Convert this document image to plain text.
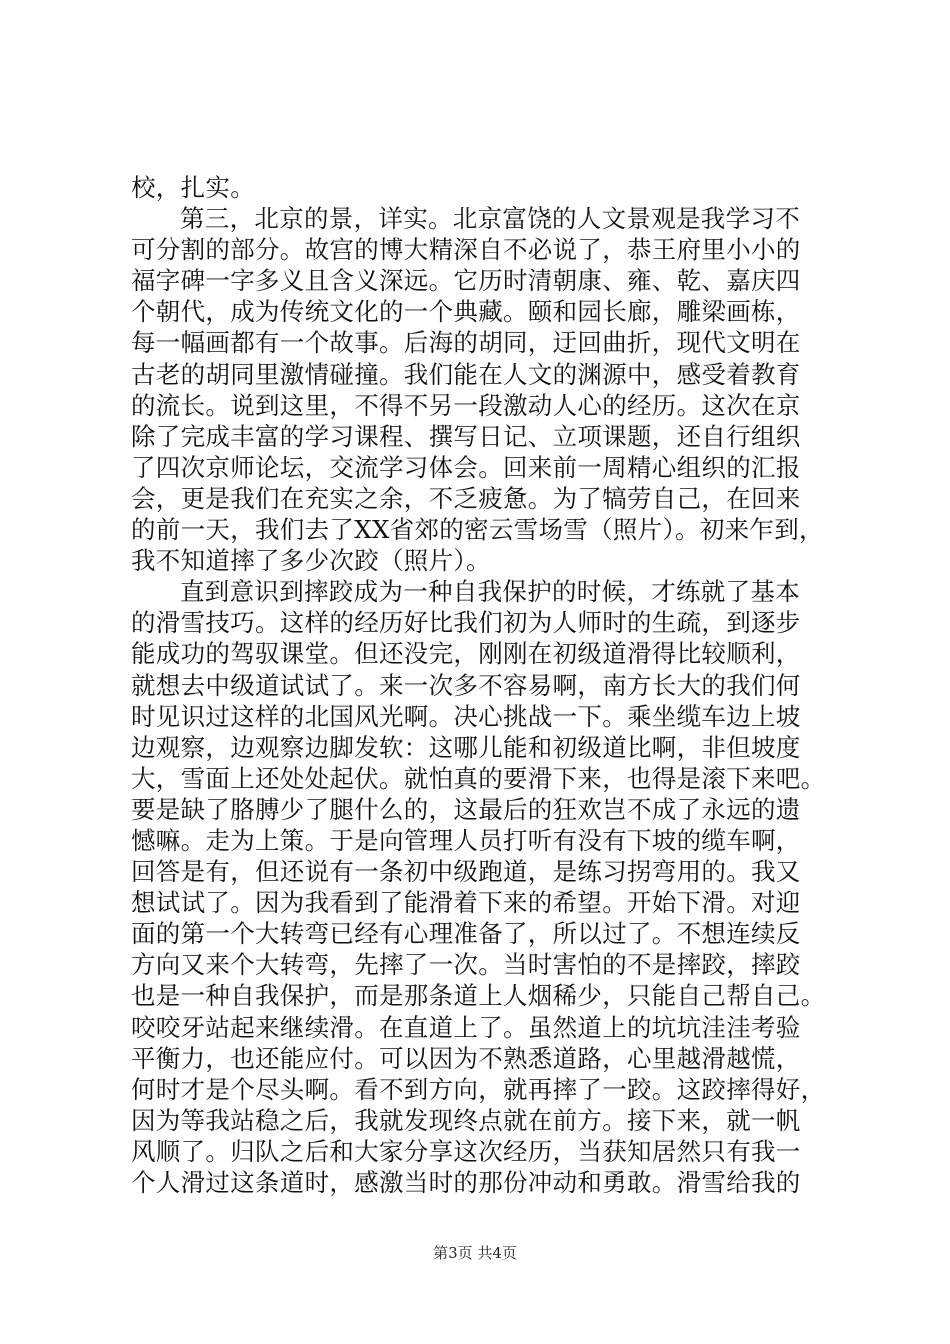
校，扎实。
第三，北京的景，详实。北京富饶的人文景观是我学习不
可分割的部分。故宫的博大精深自不必说了，恭王府里小小的
福字碑一字多义且含义深远。它历时清朝康、雍、乾、嘉庆四
个朝代，成为传统文化的一个典藏。颐和园长廊，雕梁画栋，
每一幅画都有一个故事。后海的胡同，迂回曲折，现代文明在
古老的胡同里激情碰撞。我们能在人文的渊源中，感受着教育
的流长。说到这里，不得不另一段激动人心的经历。这次在京
除了完成丰富的学习课程、撰写日记、立项课题，还自行组织
了四次京师论坛，交流学习体会。回来前一周精心组织的汇报
会，更是我们在充实之余，不乏疲惫。为了犒劳自己，在回来
的前一天，我们去了XX省郊的密云雪场雪（照片）。初来乍到，
我不知道摔了多少次跤（照片）。
直到意识到摔跤成为一种自我保护的时候，才练就了基本
的滑雪技巧。这样的经历好比我们初为人师时的生疏，到逐步
能成功的驾驭课堂。但还没完，刚刚在初级道滑得比较顺利，
就想去中级道试试了。来一次多不容易啊，南方长大的我们何
时见识过这样的北国风光啊。决心挑战一下。乘坐缆车边上坡
边观察，边观察边脚发软：这哪儿能和初级道比啊，非但坡度
大，雪面上还处处起伏。就怕真的要滑下来，也得是滚下来吧。
要是缺了胳膊少了腿什么的，这最后的狂欢岂不成了永远的遗
憾嘛。走为上策。于是向管理人员打听有没有下坡的缆车啊，
回答是有，但还说有一条初中级跑道，是练习拐弯用的。我又
想试试了。因为我看到了能滑着下来的希望。开始下滑。对迎
面的第一个大转弯已经有心理准备了，所以过了。不想连续反
方向又来个大转弯，先摔了一次。当时害怕的不是摔跤，摔跤
也是一种自我保护，而是那条道上人烟稀少，只能自己帮自己。
咬咬牙站起来继续滑。在直道上了。虽然道上的坑坑洼洼考验
平衡力，也还能应付。可以因为不熟悉道路，心里越滑越慌，
何时才是个尽头啊。看不到方向，就再摔了一跤。这跤摔得好，
因为等我站稳之后，我就发现终点就在前方。接下来，就一帆
风顺了。归队之后和大家分享这次经历，当获知居然只有我一
个人滑过这条道时，感激当时的那份冲动和勇敢。滑雪给我的
第3页 共4页
